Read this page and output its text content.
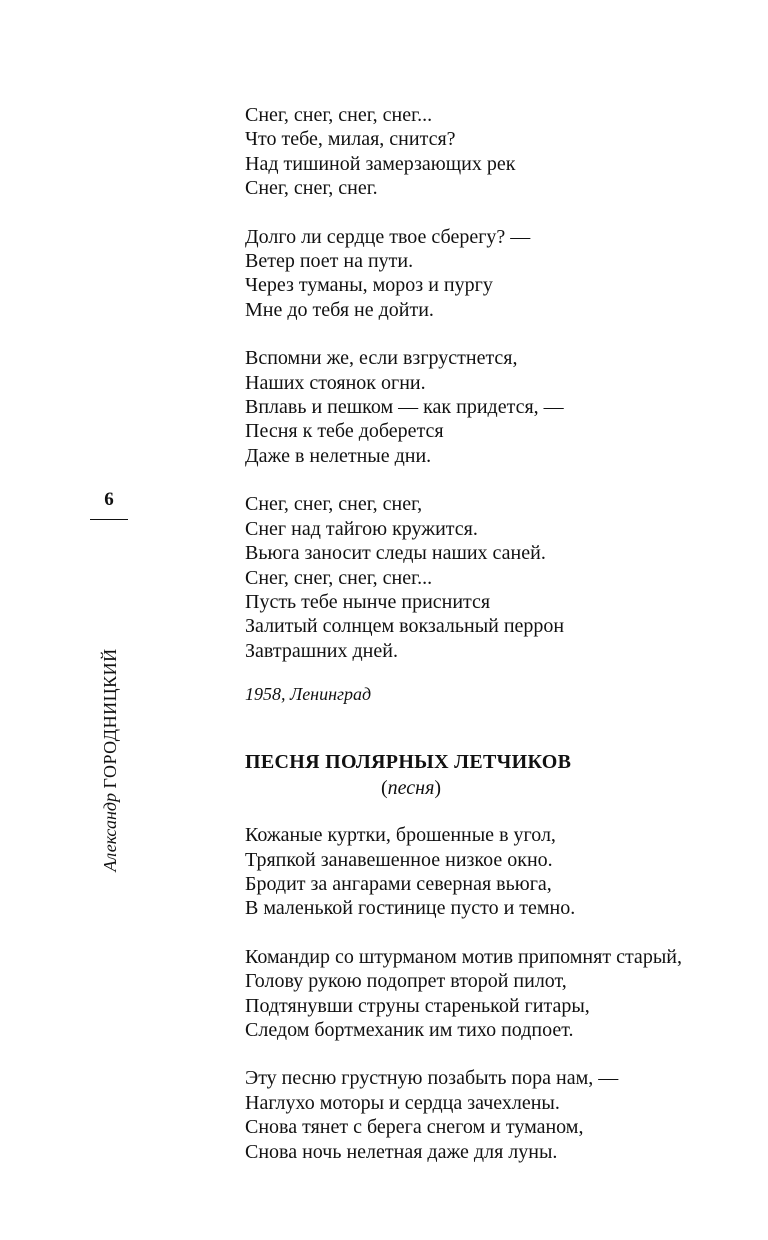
6
Александр ГОРОДНИЦКИЙ
Снег, снег, снег, снег...
Что тебе, милая, снится?
Над тишиной замерзающих рек
Снег, снег, снег.
Долго ли сердце твое сберегу? —
Ветер поет на пути.
Через туманы, мороз и пургу
Мне до тебя не дойти.
Вспомни же, если взгрустнется,
Наших стоянок огни.
Вплавь и пешком — как придется, —
Песня к тебе доберется
Даже в нелетные дни.
Снег, снег, снег, снег,
Снег над тайгою кружится.
Вьюга заносит следы наших саней.
Снег, снег, снег, снег...
Пусть тебе нынче приснится
Залитый солнцем вокзальный перрон
Завтрашних дней.
1958, Ленинград
ПЕСНЯ ПОЛЯРНЫХ ЛЕТЧИКОВ
(песня)
Кожаные куртки, брошенные в угол,
Тряпкой занавешенное низкое окно.
Бродит за ангарами северная вьюга,
В маленькой гостинице пусто и темно.
Командир со штурманом мотив припомнят старый,
Голову рукою подопрет второй пилот,
Подтянувши струны старенькой гитары,
Следом бортмеханик им тихо подпоет.
Эту песню грустную позабыть пора нам, —
Наглухо моторы и сердца зачехлены.
Снова тянет с берега снегом и туманом,
Снова ночь нелетная даже для луны.
